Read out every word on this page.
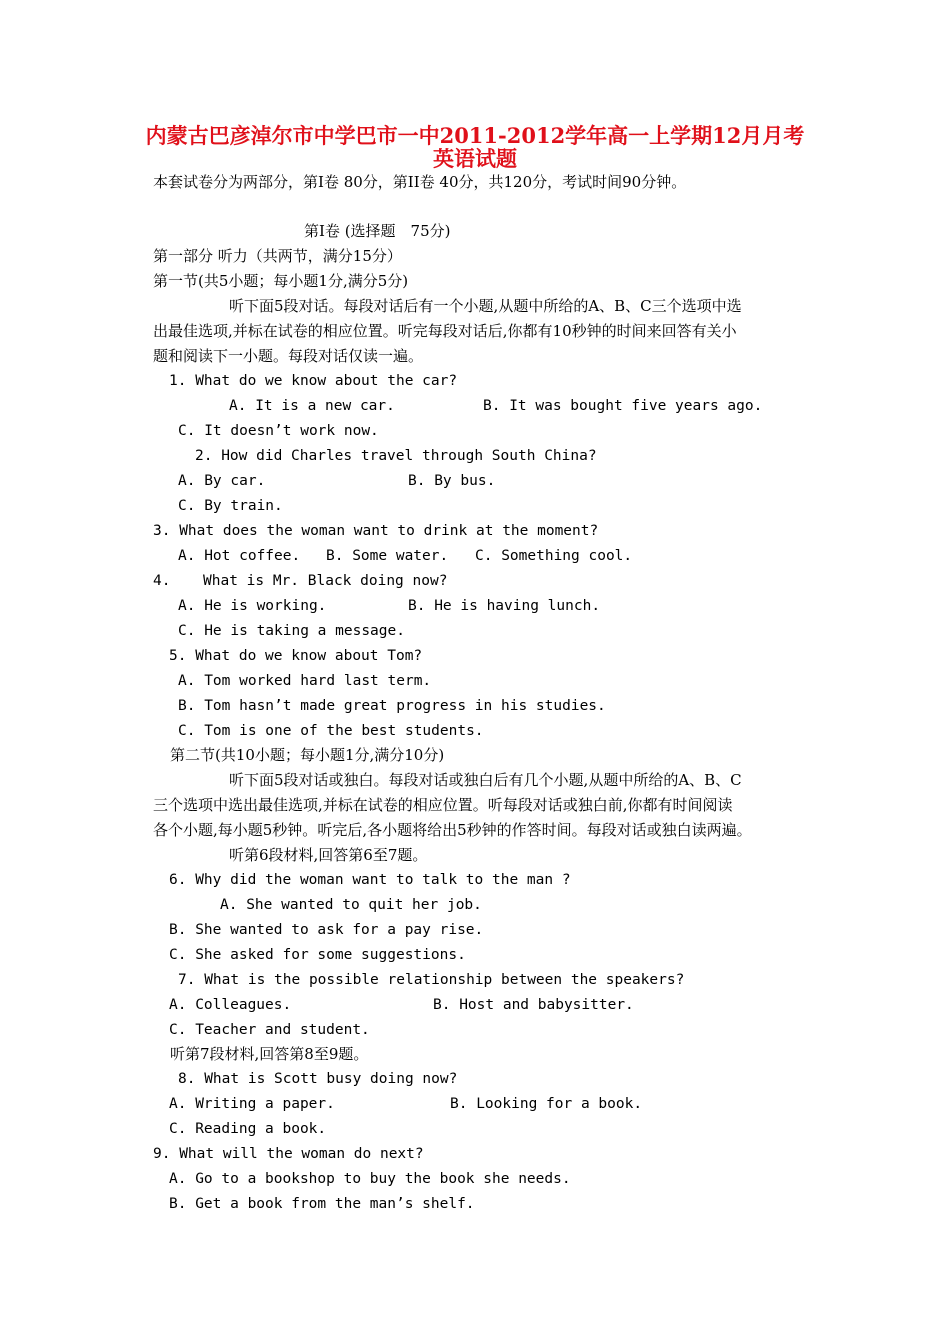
内蒙古巴彦淖尔市中学巴市一中2011-2012学年高一上学期12月月考
英语试题
本套试卷分为两部分，第Ⅰ卷 80分，第II卷 40分，共120分，考试时间90分钟。
第Ⅰ卷 (选择题　75分)
第一部分 听力（共两节，满分15分）
第一节(共5小题；每小题1分,满分5分)
听下面5段对话。每段对话后有一个小题,从题中所给的A、B、C三个选项中选
出最佳选项,并标在试卷的相应位置。听完每段对话后,你都有10秒钟的时间来回答有关小
题和阅读下一小题。每段对话仅读一遍。
1. What do we know about the car?
A. It is a new car.	B. It was bought five years ago.
C. It doesn’t work now.
2. How did Charles travel through South China?
A. By car.	B. By bus.
C. By train.
3. What does the woman want to drink at the moment?
A. Hot coffee. B. Some water. C. Something cool.
4. What is Mr. Black doing now?
A. He is working.	B. He is having lunch.
C. He is taking a message.
5. What do we know about Tom?
A. Tom worked hard last term.
B. Tom hasn’t made great progress in his studies.
C. Tom is one of the best students.
第二节(共10小题；每小题1分,满分10分)
听下面5段对话或独白。每段对话或独白后有几个小题,从题中所给的A、B、C
三个选项中选出最佳选项,并标在试卷的相应位置。听每段对话或独白前,你都有时间阅读
各个小题,每小题5秒钟。听完后,各小题将给出5秒钟的作答时间。每段对话或独白读两遍。
听第6段材料,回答第6至7题。
6. Why did the woman want to talk to the man ?
A. She wanted to quit her job.
B. She wanted to ask for a pay rise.
C. She asked for some suggestions.
7. What is the possible relationship between the speakers?
A. Colleagues.	B. Host and babysitter.
C. Teacher and student.
听第7段材料,回答第8至9题。
8. What is Scott busy doing now?
A. Writing a paper.	B. Looking for a book.
C. Reading a book.
9. What will the woman do next?
A. Go to a bookshop to buy the book she needs.
B. Get a book from the man’s shelf.
